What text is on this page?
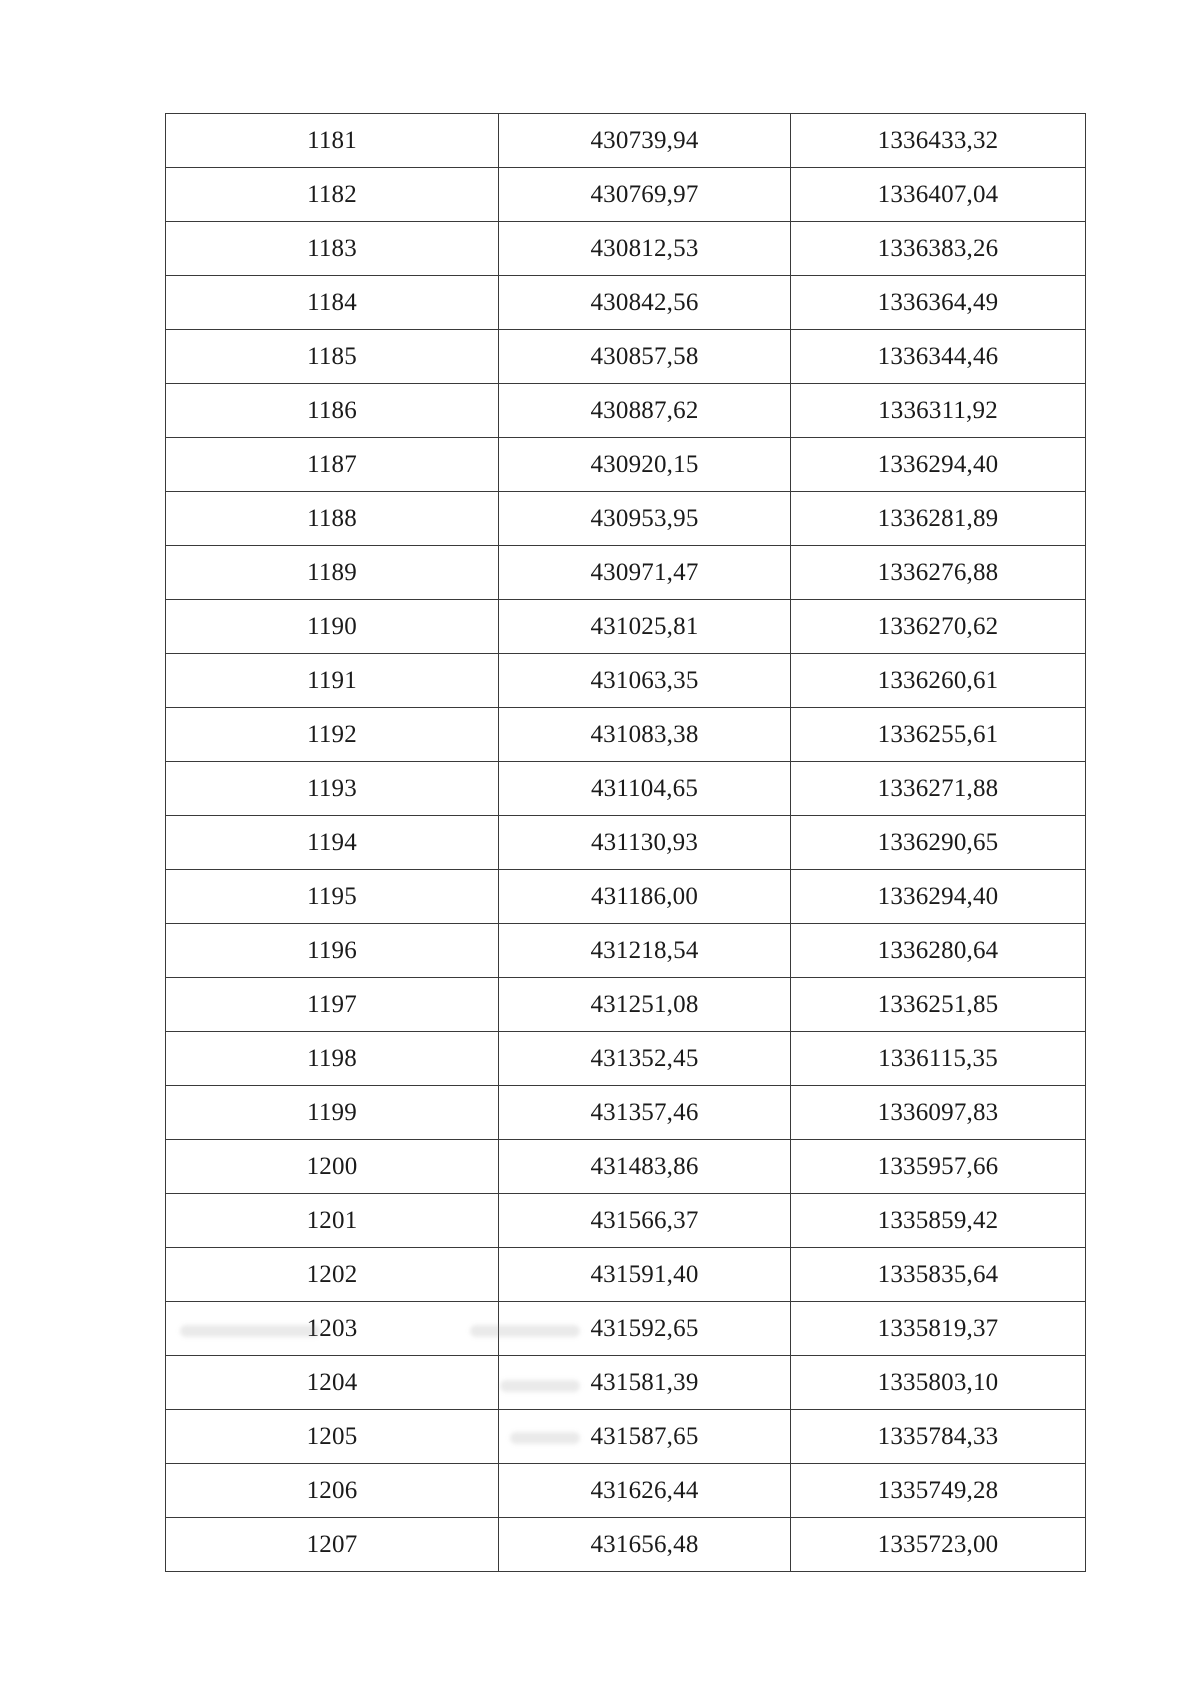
1181	430739,94	1336433,32
1182	430769,97	1336407,04
1183	430812,53	1336383,26
1184	430842,56	1336364,49
1185	430857,58	1336344,46
1186	430887,62	1336311,92
1187	430920,15	1336294,40
1188	430953,95	1336281,89
1189	430971,47	1336276,88
1190	431025,81	1336270,62
1191	431063,35	1336260,61
1192	431083,38	1336255,61
1193	431104,65	1336271,88
1194	431130,93	1336290,65
1195	431186,00	1336294,40
1196	431218,54	1336280,64
1197	431251,08	1336251,85
1198	431352,45	1336115,35
1199	431357,46	1336097,83
1200	431483,86	1335957,66
1201	431566,37	1335859,42
1202	431591,40	1335835,64
1203	431592,65	1335819,37
1204	431581,39	1335803,10
1205	431587,65	1335784,33
1206	431626,44	1335749,28
1207	431656,48	1335723,00
